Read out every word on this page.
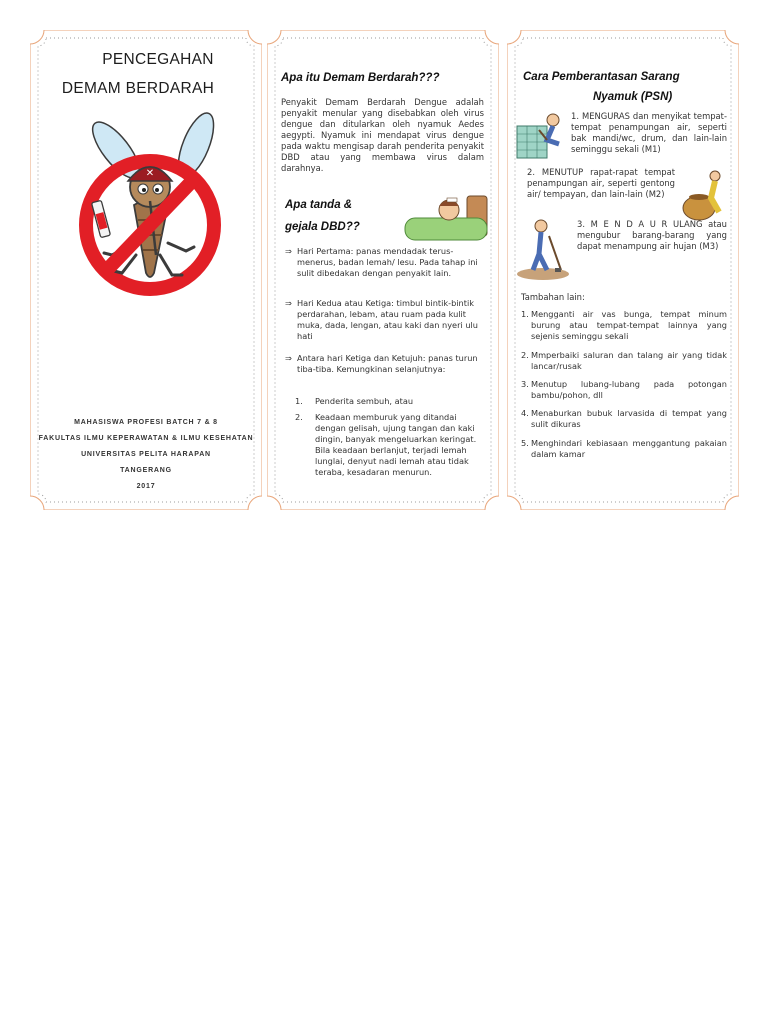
PENCEGAHAN
DEMAM BERDARAH
✕
MAHASISWA PROFESI BATCH 7 & 8
FAKULTAS ILMU KEPERAWATAN & ILMU KESEHATAN
UNIVERSITAS PELITA HARAPAN
TANGERANG
2017
Apa itu Demam Berdarah???
Penyakit Demam Berdarah Dengue adalah penyakit menular yang disebabkan oleh virus dengue dan ditularkan oleh nyamuk Aedes aegypti. Nyamuk ini mendapat virus dengue pada waktu mengisap darah penderita penyakit DBD atau yang membawa virus dalam darahnya.
Apa tanda &
gejala DBD??
⇒ Hari Pertama: panas mendadak terus-menerus, badan lemah/ lesu. Pada tahap ini sulit dibedakan dengan penyakit lain.
⇒ Hari Kedua atau Ketiga: timbul bintik-bintik perdarahan, lebam, atau ruam pada kulit muka, dada, lengan, atau kaki dan nyeri ulu hati
⇒ Antara hari Ketiga dan Ketujuh: panas turun tiba-tiba. Kemungkinan selanjutnya:
1.	Penderita sembuh, atau
2.	Keadaan memburuk yang ditandai dengan gelisah, ujung tangan dan kaki dingin, banyak mengeluarkan keringat. Bila keadaan berlanjut, terjadi lemah lunglai, denyut nadi lemah atau tidak teraba, kesadaran menurun.
Cara Pemberantasan Sarang
Nyamuk (PSN)
1. MENGURAS dan menyikat tempat-tempat penampungan air, seperti bak mandi/wc, drum, dan lain-lain seminggu sekali (M1)
2. MENUTUP rapat-rapat tempat penampungan air, seperti gentong air/ tempayan, dan lain-lain (M2)
3. M E N D A U R ULANG atau mengubur barang-barang yang dapat menampung air hujan (M3)
Tambahan lain:
1. Mengganti air vas bunga, tempat minum burung atau tempat-tempat lainnya yang sejenis seminggu sekali
2. Mmperbaiki saluran dan talang air yang tidak lancar/rusak
3. Menutup lubang-lubang pada potongan bambu/pohon, dll
4. Menaburkan bubuk larvasida di tempat yang sulit dikuras
5. Menghindari kebiasaan menggantung pakaian dalam kamar
